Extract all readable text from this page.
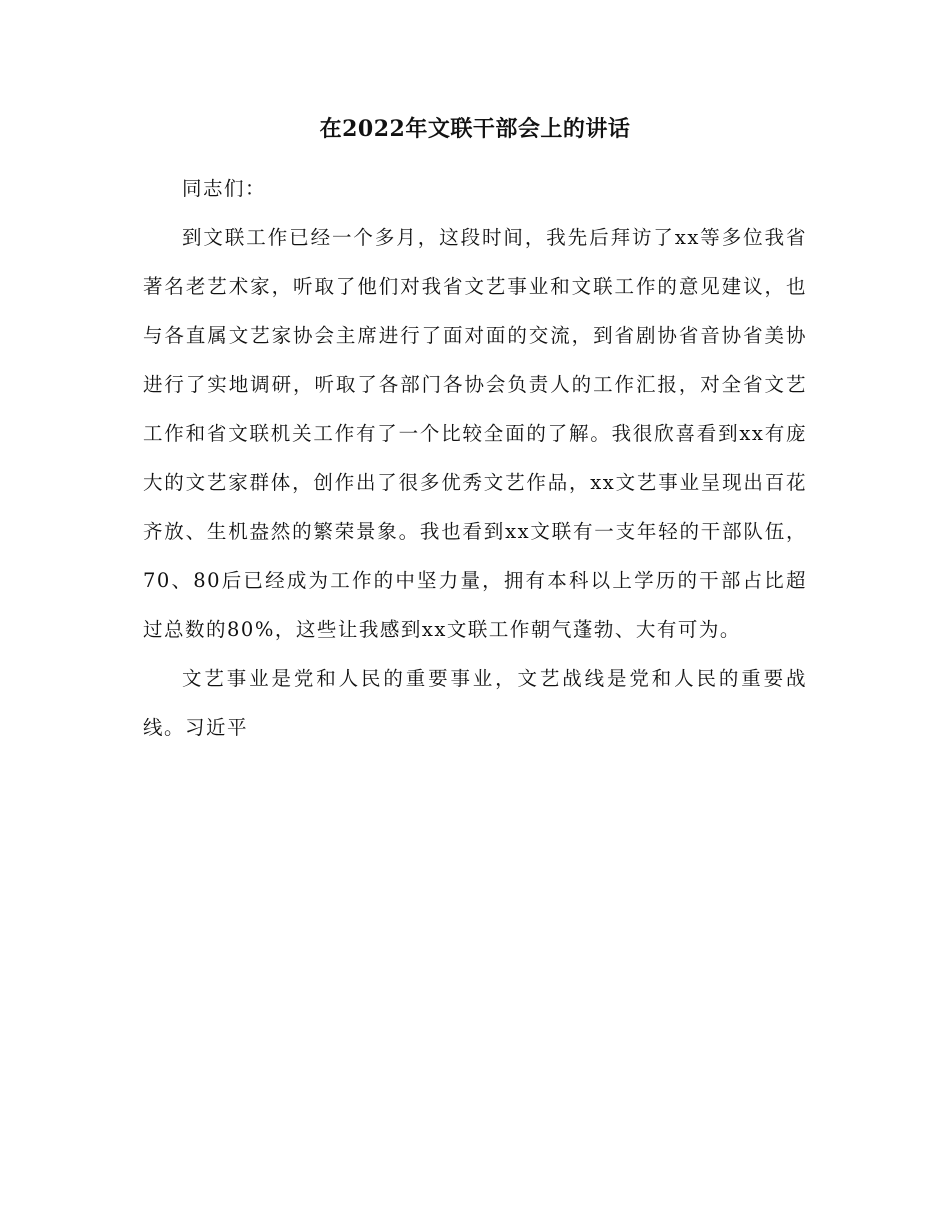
在2022年文联干部会上的讲话

同志们：

到文联工作已经一个多月，这段时间，我先后拜访了xx等多位我省著名老艺术家，听取了他们对我省文艺事业和文联工作的意见建议，也与各直属文艺家协会主席进行了面对面的交流，到省剧协省音协省美协进行了实地调研，听取了各部门各协会负责人的工作汇报，对全省文艺工作和省文联机关工作有了一个比较全面的了解。我很欣喜看到xx有庞大的文艺家群体，创作出了很多优秀文艺作品，xx文艺事业呈现出百花齐放、生机盎然的繁荣景象。我也看到xx文联有一支年轻的干部队伍，70、80后已经成为工作的中坚力量，拥有本科以上学历的干部占比超过总数的80%，这些让我感到xx文联工作朝气蓬勃、大有可为。

文艺事业是党和人民的重要事业，文艺战线是党和人民的重要战线。习近平
